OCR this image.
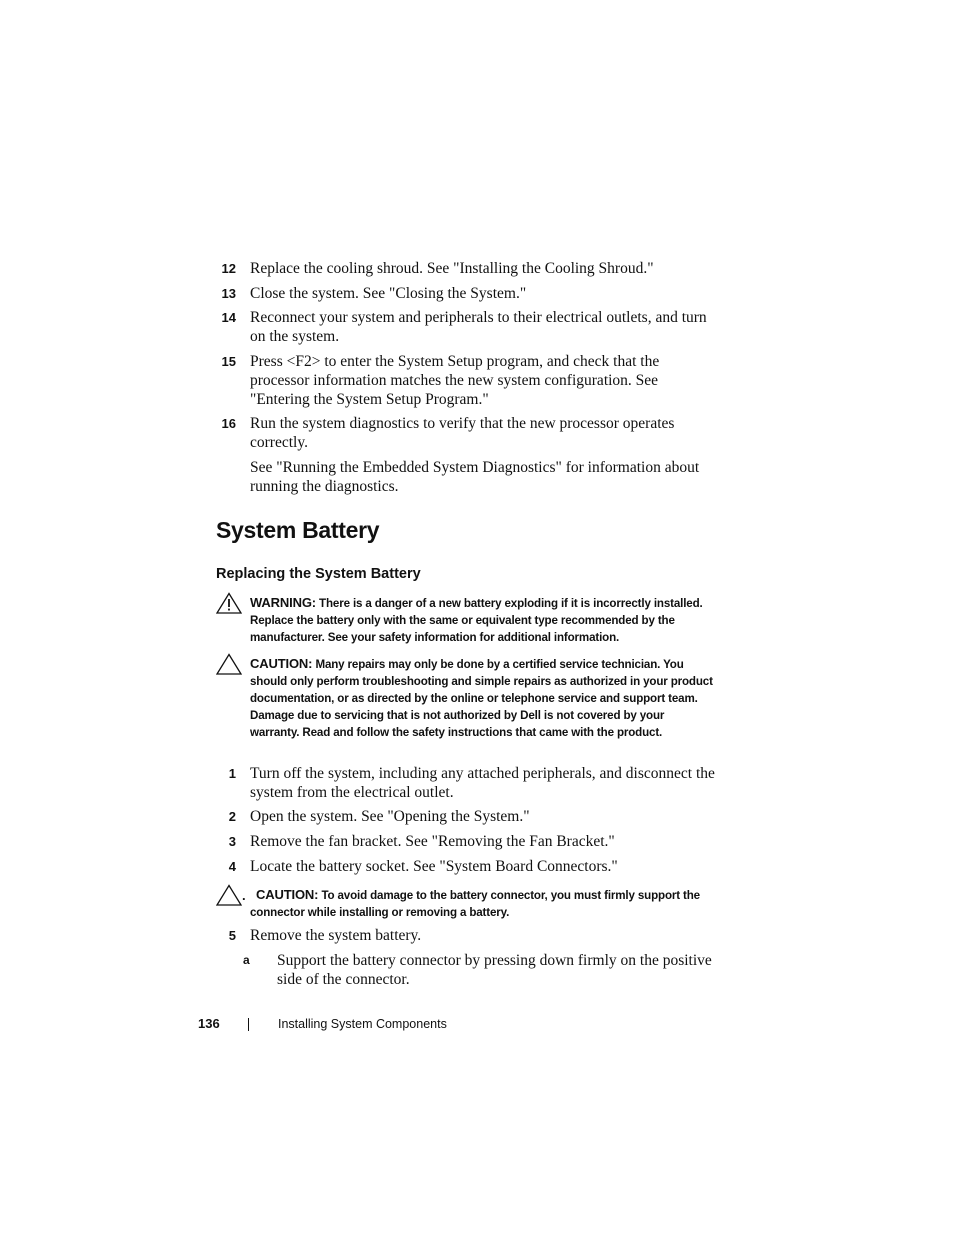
12 Replace the cooling shroud. See "Installing the Cooling Shroud."
13 Close the system. See "Closing the System."
14 Reconnect your system and peripherals to their electrical outlets, and turn on the system.
15 Press <F2> to enter the System Setup program, and check that the processor information matches the new system configuration. See "Entering the System Setup Program."
16 Run the system diagnostics to verify that the new processor operates correctly.
See "Running the Embedded System Diagnostics" for information about running the diagnostics.
System Battery
Replacing the System Battery
WARNING: There is a danger of a new battery exploding if it is incorrectly installed. Replace the battery only with the same or equivalent type recommended by the manufacturer. See your safety information for additional information.
CAUTION: Many repairs may only be done by a certified service technician. You should only perform troubleshooting and simple repairs as authorized in your product documentation, or as directed by the online or telephone service and support team. Damage due to servicing that is not authorized by Dell is not covered by your warranty. Read and follow the safety instructions that came with the product.
1 Turn off the system, including any attached peripherals, and disconnect the system from the electrical outlet.
2 Open the system. See "Opening the System."
3 Remove the fan bracket. See "Removing the Fan Bracket."
4 Locate the battery socket. See "System Board Connectors."
. CAUTION: To avoid damage to the battery connector, you must firmly support the connector while installing or removing a battery.
5 Remove the system battery.
a	Support the battery connector by pressing down firmly on the positive side of the connector.
136	Installing System Components
